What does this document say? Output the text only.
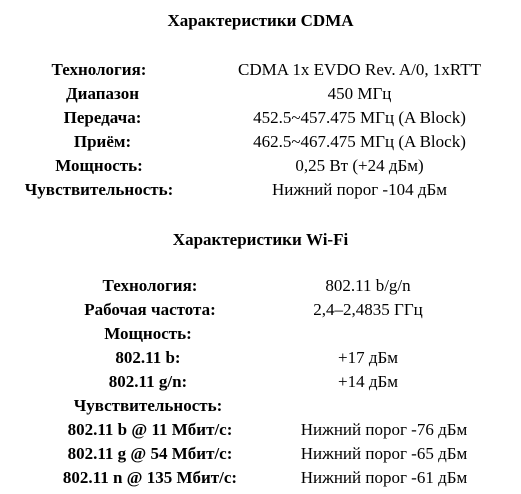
Характеристики CDMA
Технология:	CDMA 1x EVDO Rev. A/0, 1xRTT
Диапазон	450 МГц
Передача:	452.5~457.475 МГц (A Block)
Приём:	462.5~467.475 МГц (A Block)
Мощность:	0,25 Вт (+24 дБм)
Чувствительность:	Нижний порог -104 дБм
Характеристики Wi-Fi
Технология:	802.11 b/g/n
Рабочая частота:	2,4–2,4835 ГГц
Мощность:
802.11 b:	+17 дБм
802.11 g/n:	+14 дБм
Чувствительность:
802.11 b @ 11 Мбит/с:	Нижний порог -76 дБм
802.11 g @ 54 Мбит/с:	Нижний порог -65 дБм
802.11 n @ 135 Мбит/с:	Нижний порог -61 дБм
